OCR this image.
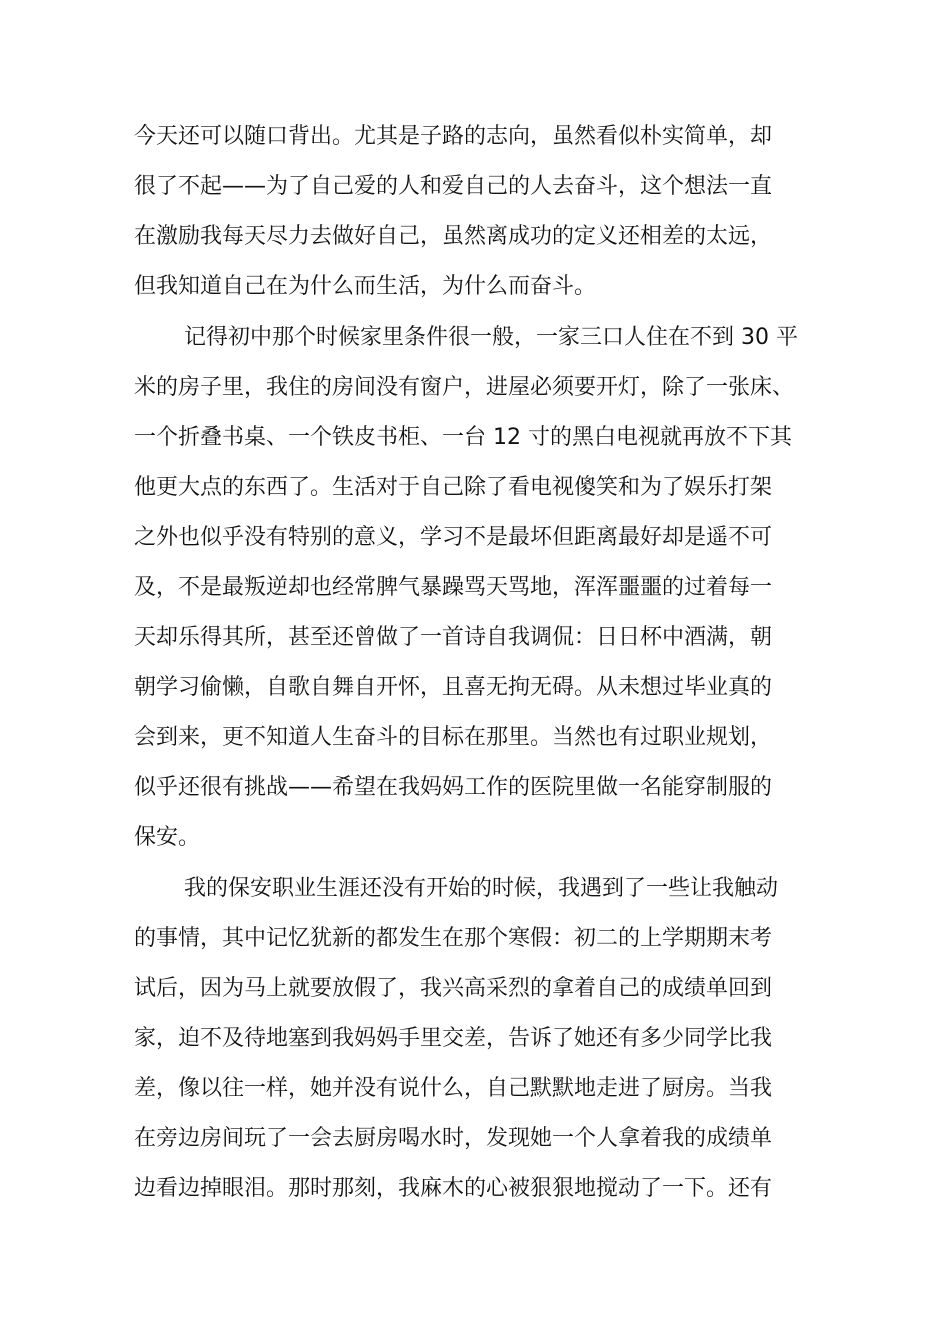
今天还可以随口背出。尤其是子路的志向，虽然看似朴实简单，却
很了不起——为了自己爱的人和爱自己的人去奋斗，这个想法一直
在激励我每天尽力去做好自己，虽然离成功的定义还相差的太远，
但我知道自己在为什么而生活，为什么而奋斗。
记得初中那个时候家里条件很一般，一家三口人住在不到 30 平
米的房子里，我住的房间没有窗户，进屋必须要开灯，除了一张床、
一个折叠书桌、一个铁皮书柜、一台 12 寸的黑白电视就再放不下其
他更大点的东西了。生活对于自己除了看电视傻笑和为了娱乐打架
之外也似乎没有特别的意义，学习不是最坏但距离最好却是遥不可
及，不是最叛逆却也经常脾气暴躁骂天骂地，浑浑噩噩的过着每一
天却乐得其所，甚至还曾做了一首诗自我调侃：日日杯中酒满，朝
朝学习偷懒，自歌自舞自开怀，且喜无拘无碍。从未想过毕业真的
会到来，更不知道人生奋斗的目标在那里。当然也有过职业规划，
似乎还很有挑战——希望在我妈妈工作的医院里做一名能穿制服的
保安。
我的保安职业生涯还没有开始的时候，我遇到了一些让我触动
的事情，其中记忆犹新的都发生在那个寒假：初二的上学期期末考
试后，因为马上就要放假了，我兴高采烈的拿着自己的成绩单回到
家，迫不及待地塞到我妈妈手里交差，告诉了她还有多少同学比我
差，像以往一样，她并没有说什么，自己默默地走进了厨房。当我
在旁边房间玩了一会去厨房喝水时，发现她一个人拿着我的成绩单
边看边掉眼泪。那时那刻，我麻木的心被狠狠地搅动了一下。还有
